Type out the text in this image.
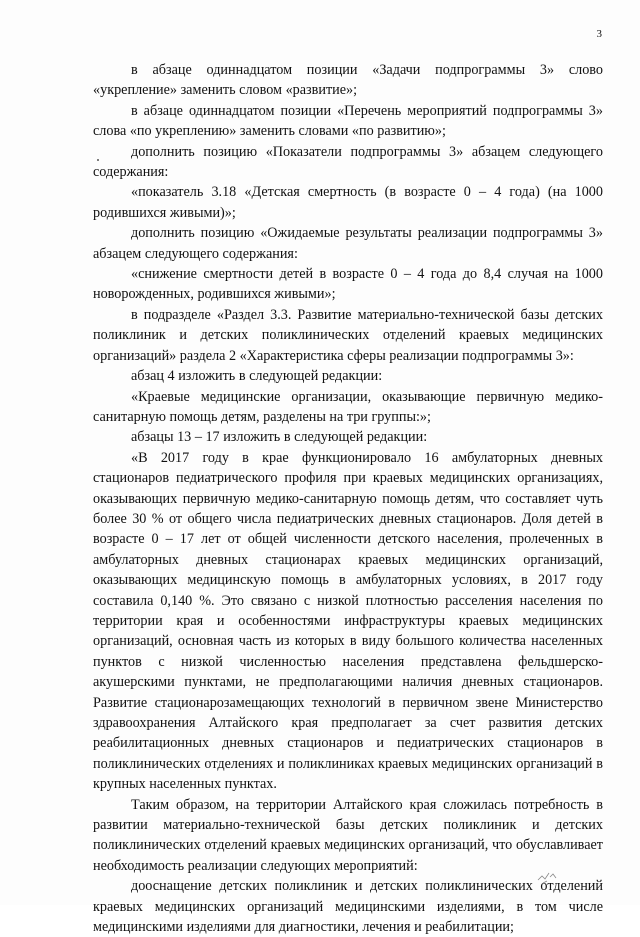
3

в абзаце одиннадцатом позиции «Задачи подпрограммы 3» слово «укрепление» заменить словом «развитие»;

в абзаце одиннадцатом позиции «Перечень мероприятий подпрограммы 3» слова «по укреплению» заменить словами «по развитию»;

дополнить позицию «Показатели подпрограммы 3» абзацем следующего содержания:

«показатель 3.18 «Детская смертность (в возрасте 0 – 4 года) (на 1000 родившихся живыми)»;

дополнить позицию «Ожидаемые результаты реализации подпрограммы 3» абзацем следующего содержания:

«снижение смертности детей в возрасте 0 – 4 года до 8,4 случая на 1000 новорожденных, родившихся живыми»;

в подразделе «Раздел 3.3. Развитие материально-технической базы детских поликлиник и детских поликлинических отделений краевых медицинских организаций» раздела 2 «Характеристика сферы реализации подпрограммы 3»:

абзац 4 изложить в следующей редакции:

«Краевые медицинские организации, оказывающие первичную медико-санитарную помощь детям, разделены на три группы:»;

абзацы 13 – 17 изложить в следующей редакции:

«В 2017 году в крае функционировало 16 амбулаторных дневных стационаров педиатрического профиля при краевых медицинских организациях, оказывающих первичную медико-санитарную помощь детям, что составляет чуть более 30 % от общего числа педиатрических дневных стационаров. Доля детей в возрасте 0 – 17 лет от общей численности детского населения, пролеченных в амбулаторных дневных стационарах краевых медицинских организаций, оказывающих медицинскую помощь в амбулаторных условиях, в 2017 году составила 0,140 %. Это связано с низкой плотностью расселения населения по территории края и особенностями инфраструктуры краевых медицинских организаций, основная часть из которых в виду большого количества населенных пунктов с низкой численностью населения представлена фельдшерско-акушерскими пунктами, не предполагающими наличия дневных стационаров. Развитие стационарозамещающих технологий в первичном звене Министерство здравоохранения Алтайского края предполагает за счет развития детских реабилитационных дневных стационаров и педиатрических стационаров в поликлинических отделениях и поликлиниках краевых медицинских организаций в крупных населенных пунктах.

Таким образом, на территории Алтайского края сложилась потребность в развитии материально-технической базы детских поликлиник и детских поликлинических отделений краевых медицинских организаций, что обуславливает необходимость реализации следующих мероприятий:

дооснащение детских поликлиник и детских поликлинических отделений краевых медицинских организаций медицинскими изделиями, в том числе медицинскими изделиями для диагностики, лечения и реабилитации;
